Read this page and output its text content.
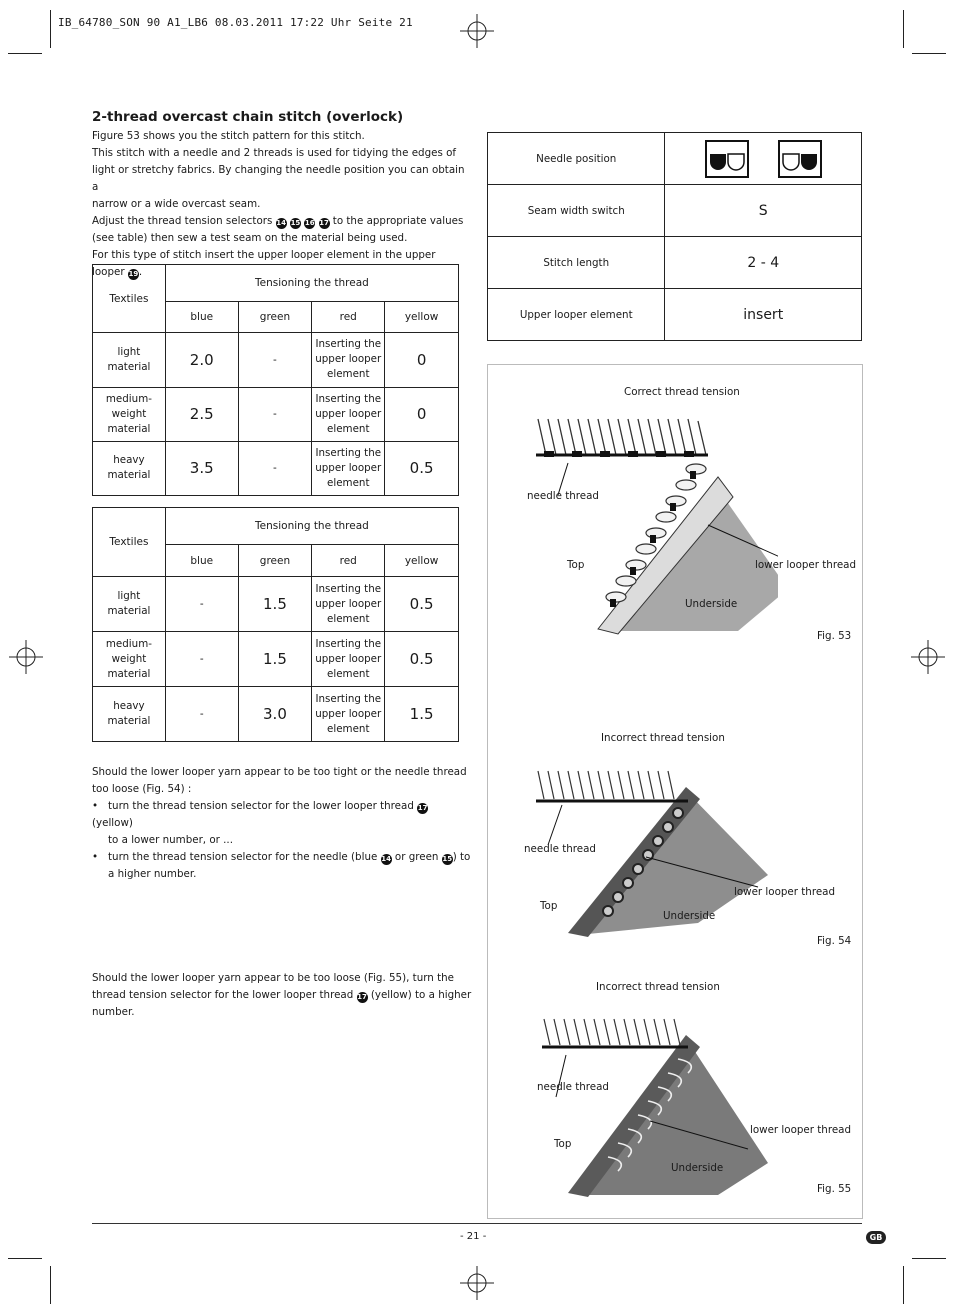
IB_64780_SON 90 A1_LB6 08.03.2011 17:22 Uhr Seite 21
2-thread overcast chain stitch (overlock)

Figure 53 shows you the stitch pattern for this stitch.

This stitch with a needle and 2 threads is used for tidying the edges of

light or stretchy fabrics. By changing the needle position you can obtain a

narrow or a wide overcast seam.

Adjust the thread tension selectors 14 15 16 17 to the appropriate values

(see table) then sew a test seam on the material being used.

For this type of stitch insert the upper looper element in the upper looper 19.

Textiles	Tensioning the thread			
	blue	green	red	yellow
light material	2.0	-	Inserting the upper looper element	0
medium-weight material	2.5	-	Inserting the upper looper element	0
heavy material	3.5	-	Inserting the upper looper element	0.5
Textiles	Tensioning the thread			
	blue	green	red	yellow
light material	-	1.5	Inserting the upper looper element	0.5
medium-weight material	-	1.5	Inserting the upper looper element	0.5
heavy material	-	3.0	Inserting the upper looper element	1.5

Should the lower looper yarn appear to be too tight or the needle thread

too loose (Fig. 54) :

• turn the thread tension selector for the lower looper thread 17 (yellow)

to a lower number, or ...

• turn the thread tension selector for the needle (blue 14 or green 15) to

a higher number.

Should the lower looper yarn appear to be too loose (Fig. 55), turn the

thread tension selector for the lower looper thread 17 (yellow) to a higher

number.

Needle position	
Seam width switch	S
Stitch length	2 - 4
Upper looper element	insert
Correct thread tension
needle thread
Top	lower looper thread
Underside
Fig. 53
Incorrect thread tension
needle thread
lower looper thread
Top
Underside
Fig. 54
Incorrect thread tension
needle thread
Top
lower looper thread
Underside
Fig. 55
- 21 -	GB
